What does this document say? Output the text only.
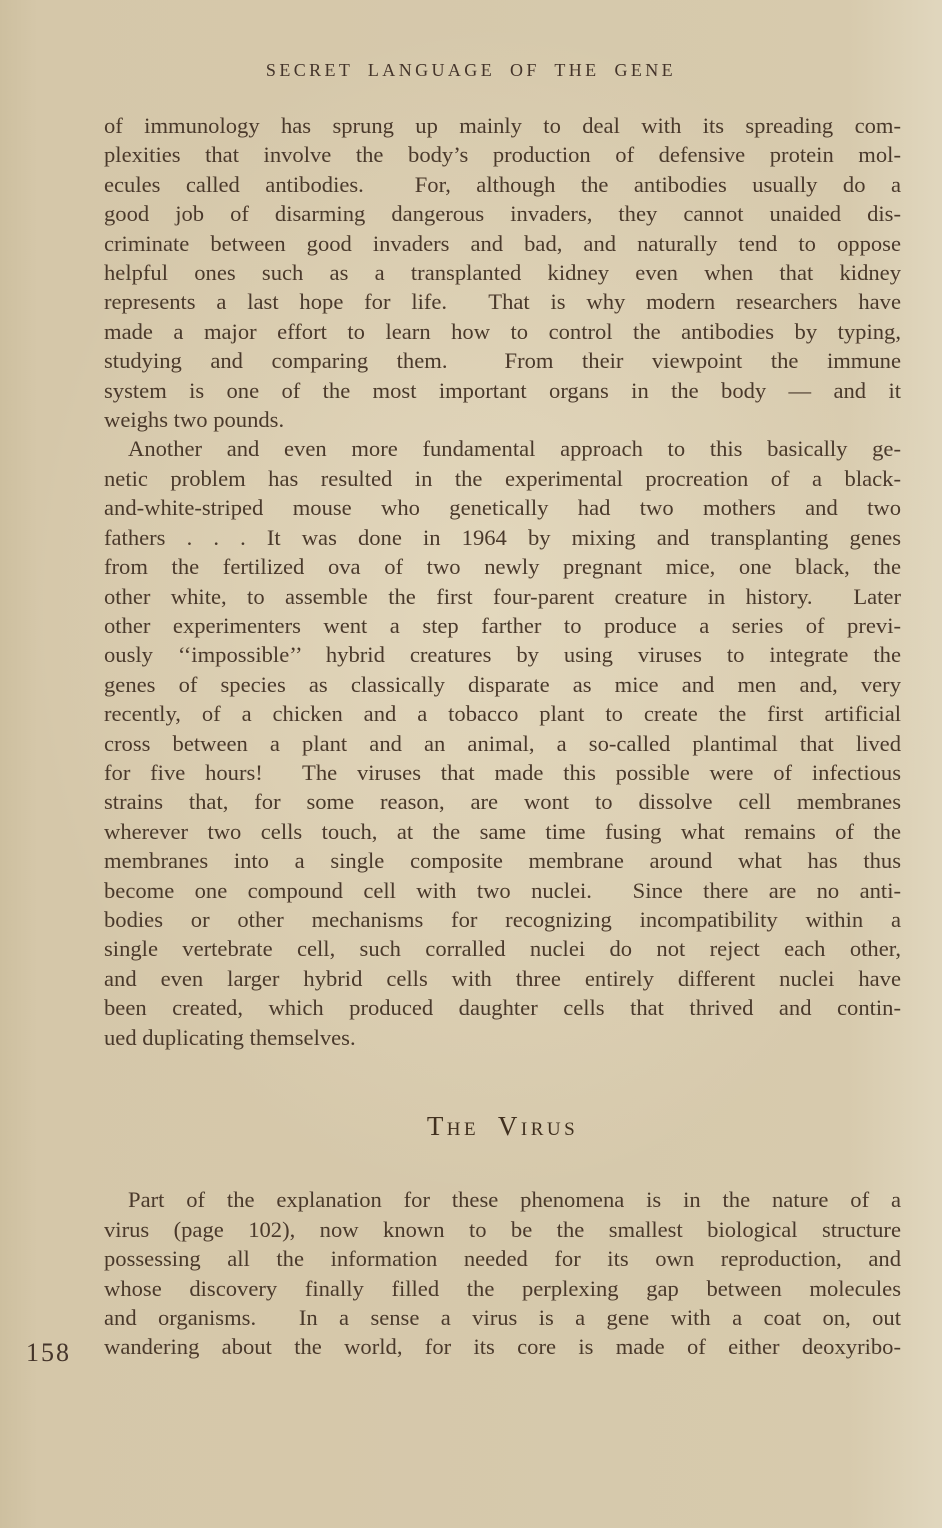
SECRET LANGUAGE OF THE GENE
of immunology has sprung up mainly to deal with its spreading com-
plexities that involve the body’s production of defensive protein mol-
ecules called antibodies.  For, although the antibodies usually do a
good job of disarming dangerous invaders, they cannot unaided dis-
criminate between good invaders and bad, and naturally tend to oppose
helpful ones such as a transplanted kidney even when that kidney
represents a last hope for life.  That is why modern researchers have
made a major effort to learn how to control the antibodies by typing,
studying and comparing them.  From their viewpoint the immune
system is one of the most important organs in the body — and it
weighs two pounds.
Another and even more fundamental approach to this basically ge-
netic problem has resulted in the experimental procreation of a black-
and-white-striped mouse who genetically had two mothers and two
fathers . . . It was done in 1964 by mixing and transplanting genes
from the fertilized ova of two newly pregnant mice, one black, the
other white, to assemble the first four-parent creature in history.  Later
other experimenters went a step farther to produce a series of previ-
ously ‘‘impossible’’ hybrid creatures by using viruses to integrate the
genes of species as classically disparate as mice and men and, very
recently, of a chicken and a tobacco plant to create the first artificial
cross between a plant and an animal, a so-called plantimal that lived
for five hours!  The viruses that made this possible were of infectious
strains that, for some reason, are wont to dissolve cell membranes
wherever two cells touch, at the same time fusing what remains of the
membranes into a single composite membrane around what has thus
become one compound cell with two nuclei.  Since there are no anti-
bodies or other mechanisms for recognizing incompatibility within a
single vertebrate cell, such corralled nuclei do not reject each other,
and even larger hybrid cells with three entirely different nuclei have
been created, which produced daughter cells that thrived and contin-
ued duplicating themselves.
The Virus
Part of the explanation for these phenomena is in the nature of a
virus (page 102), now known to be the smallest biological structure
possessing all the information needed for its own reproduction, and
whose discovery finally filled the perplexing gap between molecules
and organisms.  In a sense a virus is a gene with a coat on, out
wandering about the world, for its core is made of either deoxyribo-
158
